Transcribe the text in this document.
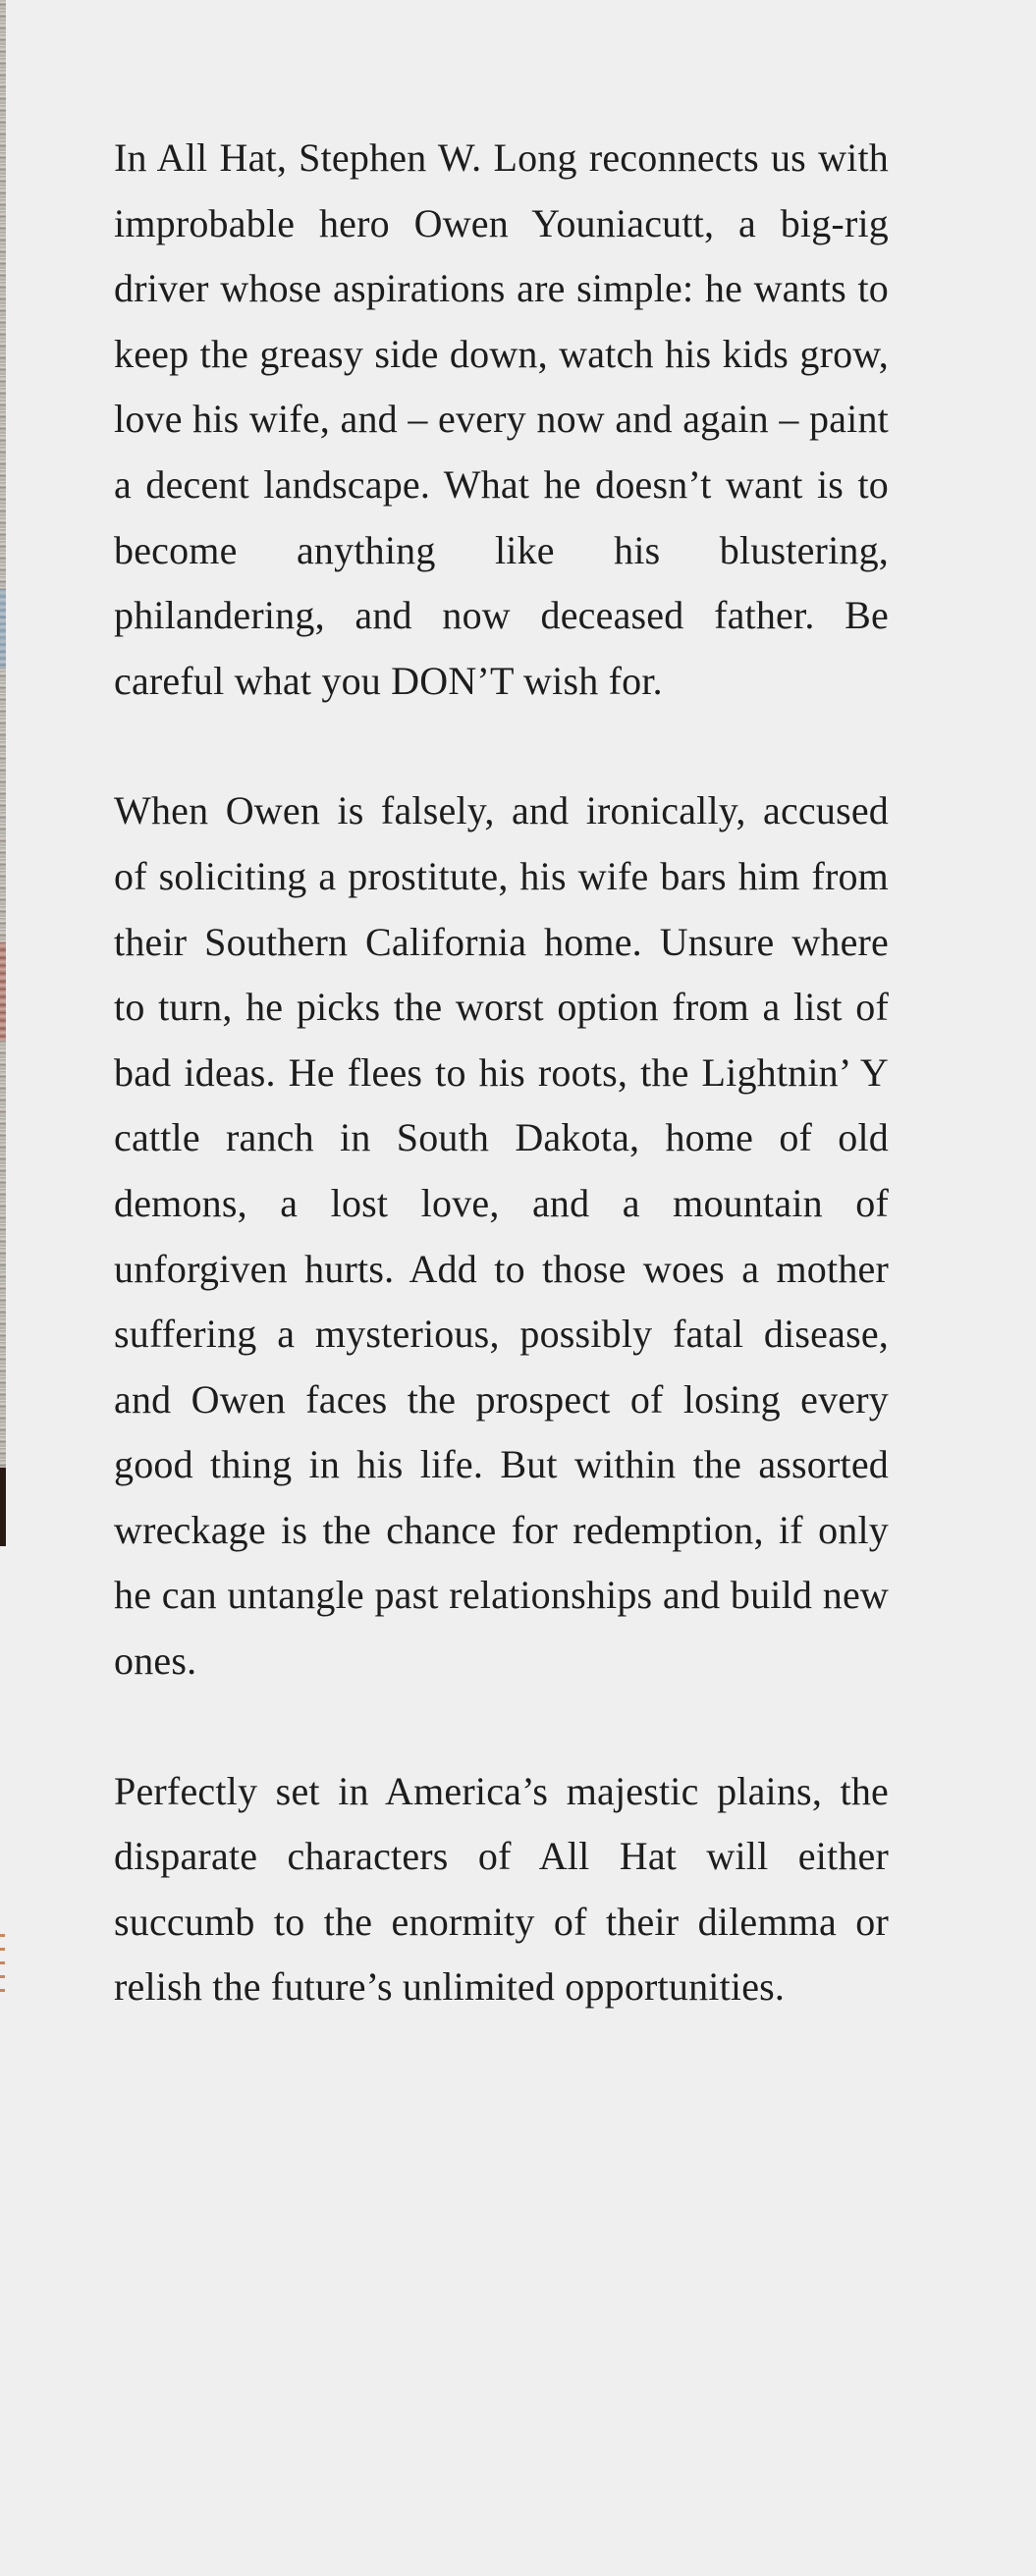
In All Hat, Stephen W. Long reconnects us with improbable hero Owen Youniacutt, a big-rig driver whose aspirations are simple: he wants to keep the greasy side down, watch his kids grow, love his wife, and – every now and again – paint a decent landscape. What he doesn’t want is to become anything like his blustering, philandering, and now deceased father. Be careful what you DON’T wish for.

When Owen is falsely, and ironically, accused of soliciting a prostitute, his wife bars him from their Southern California home. Unsure where to turn, he picks the worst option from a list of bad ideas. He flees to his roots, the Lightnin’ Y cattle ranch in South Dakota, home of old demons, a lost love, and a mountain of unforgiven hurts. Add to those woes a mother suffering a mysterious, possibly fatal disease, and Owen faces the prospect of losing every good thing in his life. But within the assorted wreckage is the chance for redemption, if only he can untangle past relationships and build new ones.

Perfectly set in America’s majestic plains, the disparate characters of All Hat will either succumb to the enormity of their dilemma or relish the future’s unlimited opportunities.
